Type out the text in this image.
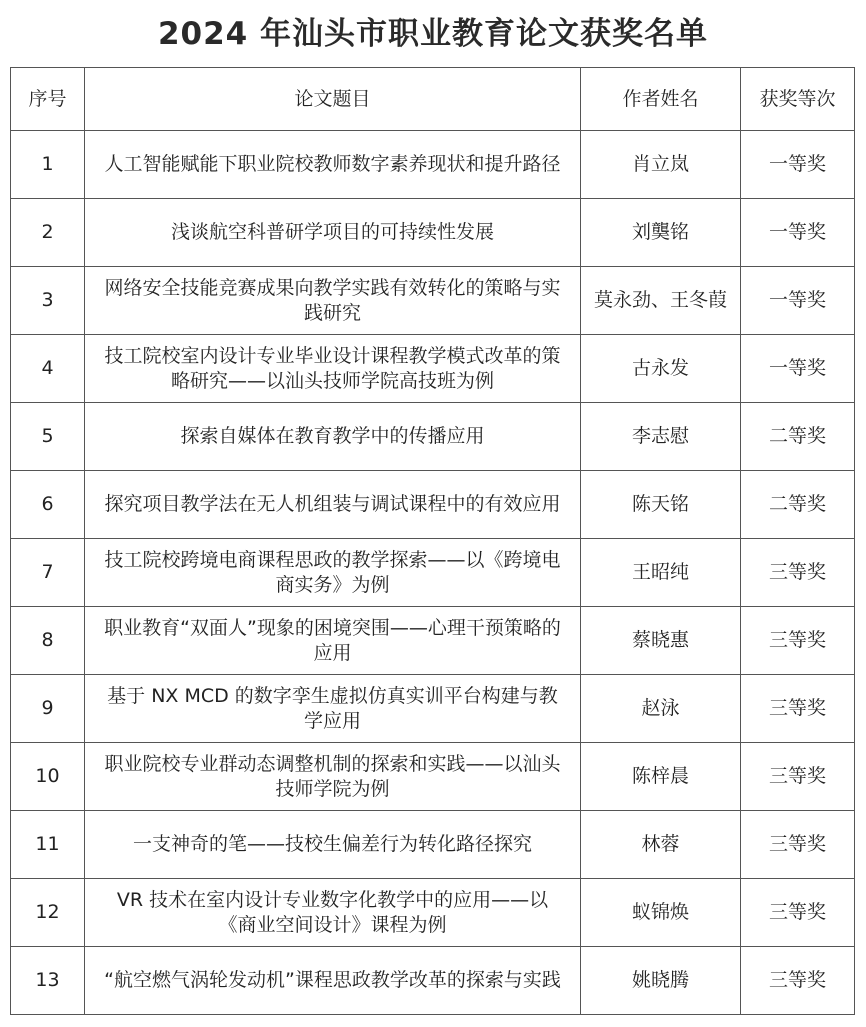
2024 年汕头市职业教育论文获奖名单
序号	论文题目	作者姓名	获奖等次
1	人工智能赋能下职业院校教师数字素养现状和提升路径	肖立岚	一等奖
2	浅谈航空科普研学项目的可持续性发展	刘龑铭	一等奖
3	网络安全技能竞赛成果向教学实践有效转化的策略与实践研究	莫永劲、王冬葭	一等奖
4	技工院校室内设计专业毕业设计课程教学模式改革的策略研究——以汕头技师学院高技班为例	古永发	一等奖
5	探索自媒体在教育教学中的传播应用	李志慰	二等奖
6	探究项目教学法在无人机组装与调试课程中的有效应用	陈天铭	二等奖
7	技工院校跨境电商课程思政的教学探索——以《跨境电商实务》为例	王昭纯	三等奖
8	职业教育“双面人”现象的困境突围——心理干预策略的应用	蔡晓惠	三等奖
9	基于 NX MCD 的数字孪生虚拟仿真实训平台构建与教学应用	赵泳	三等奖
10	职业院校专业群动态调整机制的探索和实践——以汕头技师学院为例	陈梓晨	三等奖
11	一支神奇的笔——技校生偏差行为转化路径探究	林蓉	三等奖
12	VR 技术在室内设计专业数字化教学中的应用——以《商业空间设计》课程为例	蚁锦焕	三等奖
13	“航空燃气涡轮发动机”课程思政教学改革的探索与实践	姚晓腾	三等奖
